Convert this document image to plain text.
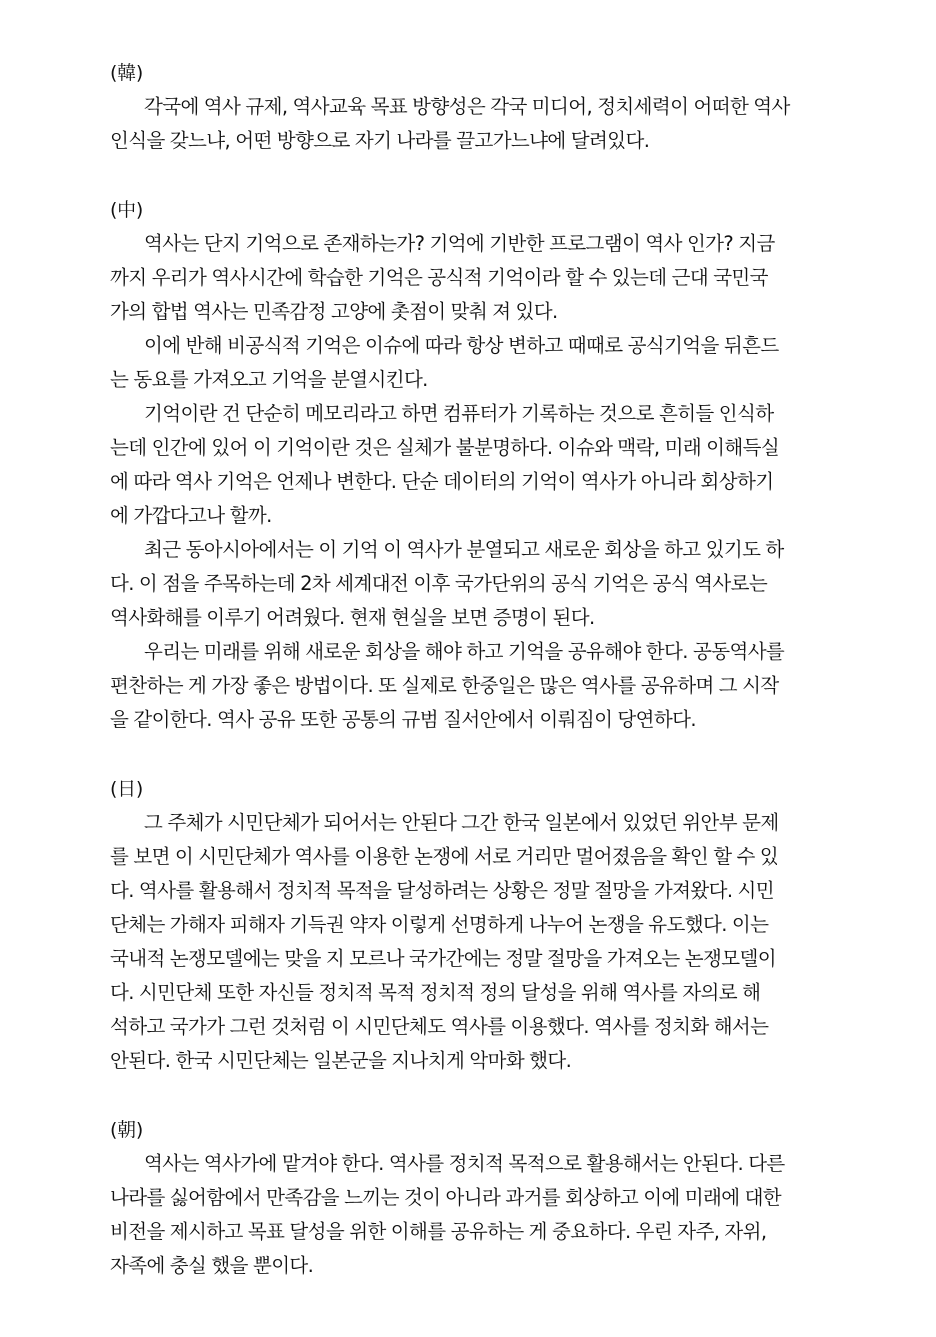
(韓)
각국에 역사 규제, 역사교육 목표 방향성은 각국 미디어, 정치세력이 어떠한 역사
인식을 갖느냐, 어떤 방향으로 자기 나라를 끌고가느냐에 달려있다.
(中)
역사는 단지 기억으로 존재하는가? 기억에 기반한 프로그램이 역사 인가? 지금
까지 우리가 역사시간에 학습한 기억은 공식적 기억이라 할 수 있는데 근대 국민국
가의 합법 역사는 민족감정 고양에 촛점이 맞춰 져 있다.
이에 반해 비공식적 기억은 이슈에 따라 항상 변하고 때때로 공식기억을 뒤흔드
는 동요를 가져오고 기억을 분열시킨다.
기억이란 건 단순히 메모리라고 하면 컴퓨터가 기록하는 것으로 흔히들 인식하
는데 인간에 있어 이 기억이란 것은 실체가 불분명하다. 이슈와 맥락, 미래 이해득실
에 따라 역사 기억은 언제나 변한다. 단순 데이터의 기억이 역사가 아니라 회상하기
에 가깝다고나 할까.
최근 동아시아에서는 이 기억 이 역사가 분열되고 새로운 회상을 하고 있기도 하
다. 이 점을 주목하는데 2차 세계대전 이후 국가단위의 공식 기억은 공식 역사로는
역사화해를 이루기 어려웠다. 현재 현실을 보면 증명이 된다.
우리는 미래를 위해 새로운 회상을 해야 하고 기억을 공유해야 한다. 공동역사를
편찬하는 게 가장 좋은 방법이다. 또 실제로 한중일은 많은 역사를 공유하며 그 시작
을 같이한다. 역사 공유 또한 공통의 규범 질서안에서 이뤄짐이 당연하다.
(日)
그 주체가 시민단체가 되어서는 안된다 그간 한국 일본에서 있었던 위안부 문제
를 보면 이 시민단체가 역사를 이용한 논쟁에 서로 거리만 멀어졌음을 확인 할 수 있
다. 역사를 활용해서 정치적 목적을 달성하려는 상황은 정말 절망을 가져왔다. 시민
단체는 가해자 피해자 기득권 약자 이렇게 선명하게 나누어 논쟁을 유도했다. 이는
국내적 논쟁모델에는 맞을 지 모르나 국가간에는 정말 절망을 가져오는 논쟁모델이
다. 시민단체 또한 자신들 정치적 목적 정치적 정의 달성을 위해 역사를 자의로 해
석하고 국가가 그런 것처럼 이 시민단체도 역사를 이용했다. 역사를 정치화 해서는
안된다. 한국 시민단체는 일본군을 지나치게 악마화 했다.
(朝)
역사는 역사가에 맡겨야 한다. 역사를 정치적 목적으로 활용해서는 안된다. 다른
나라를 싫어함에서 만족감을 느끼는 것이 아니라 과거를 회상하고 이에 미래에 대한
비전을 제시하고 목표 달성을 위한 이해를 공유하는 게 중요하다. 우린 자주, 자위,
자족에 충실 했을 뿐이다.
